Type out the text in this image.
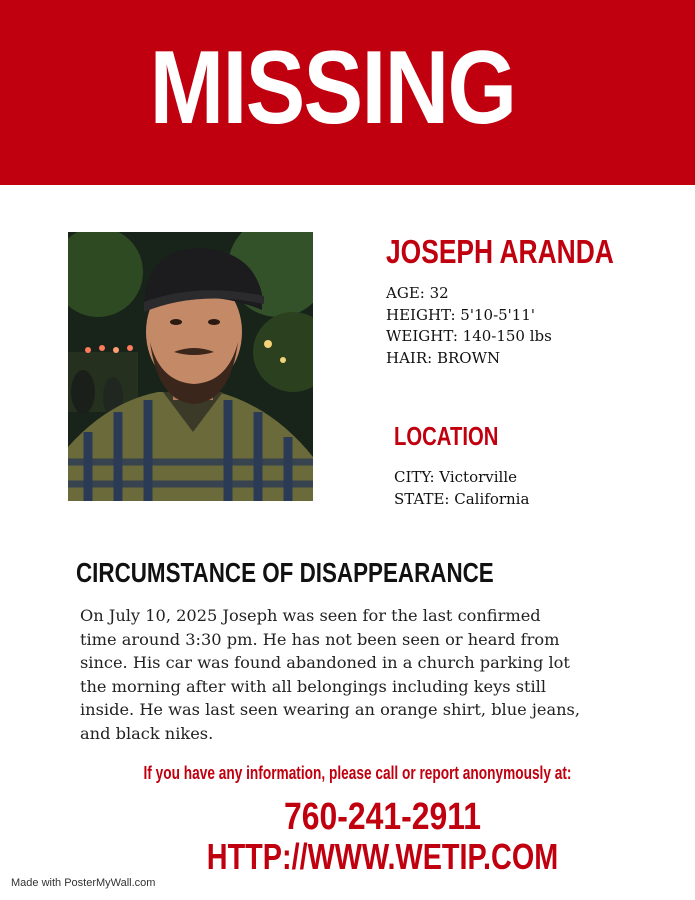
MISSING
JOSEPH ARANDA
AGE: 32
HEIGHT: 5'10-5'11'
WEIGHT: 140-150 lbs
HAIR: BROWN
LOCATION
CITY: Victorville
STATE: California
CIRCUMSTANCE OF DISAPPEARANCE
On July 10, 2025 Joseph was seen for the last confirmed
time around 3:30 pm. He has not been seen or heard from
since. His car was found abandoned in a church parking lot
the morning after with all belongings including keys still
inside. He was last seen wearing an orange shirt, blue jeans,
and black nikes.
If you have any information, please call or report anonymously at:
760-241-2911
HTTP://WWW.WETIP.COM
Made with PosterMyWall.com
